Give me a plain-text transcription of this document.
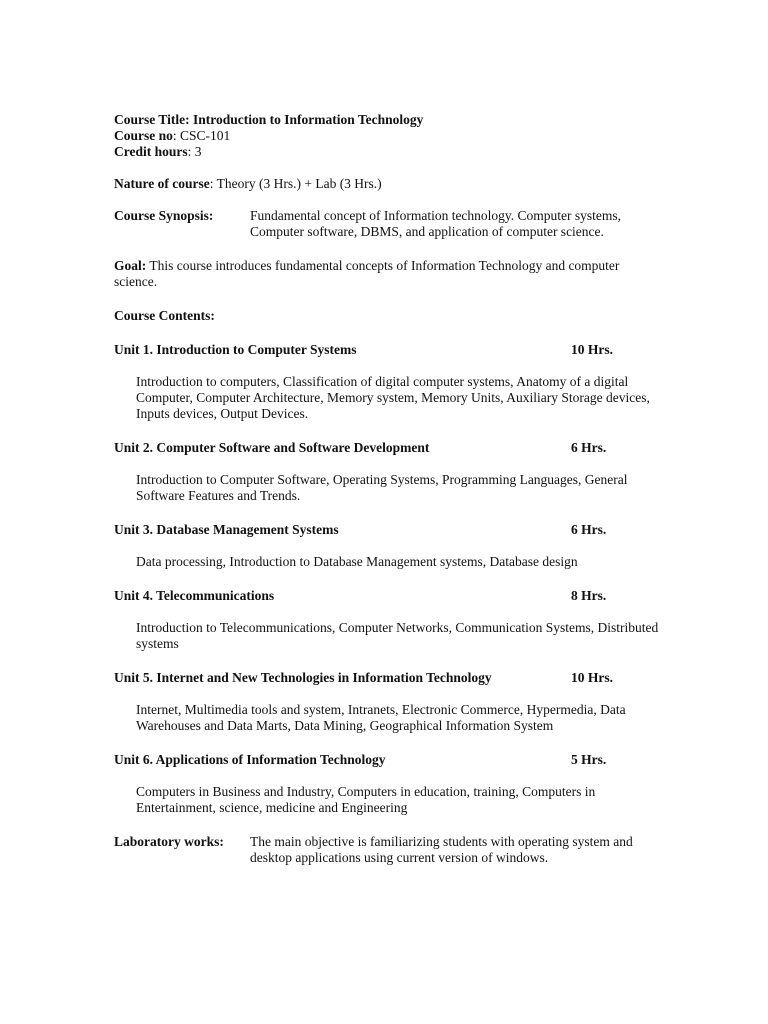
Course Title: Introduction to Information Technology

Course no: CSC-101

Credit hours: 3

Nature of course: Theory (3 Hrs.) + Lab (3 Hrs.)

Course Synopsis:	Fundamental concept of Information technology. Computer systems, Computer software, DBMS, and application of computer science.

Goal: This course introduces fundamental concepts of Information Technology and computer science.

Course Contents:

Unit 1. Introduction to Computer Systems	10 Hrs.

Introduction to computers, Classification of digital computer systems, Anatomy of a digital Computer, Computer Architecture, Memory system, Memory Units, Auxiliary Storage devices, Inputs devices, Output Devices.

Unit 2. Computer Software and Software Development	6 Hrs.

Introduction to Computer Software, Operating Systems, Programming Languages, General Software Features and Trends.

Unit 3. Database Management Systems	6 Hrs.

Data processing, Introduction to Database Management systems, Database design

Unit 4. Telecommunications	8 Hrs.

Introduction to Telecommunications, Computer Networks, Communication Systems, Distributed systems

Unit 5. Internet and New Technologies in Information Technology	10 Hrs.

Internet, Multimedia tools and system, Intranets, Electronic Commerce, Hypermedia, Data Warehouses and Data Marts, Data Mining, Geographical Information System

Unit 6. Applications of Information Technology	5 Hrs.

Computers in Business and Industry, Computers in education, training, Computers in Entertainment, science, medicine and Engineering

Laboratory works:	The main objective is familiarizing students with operating system and desktop applications using current version of windows.
